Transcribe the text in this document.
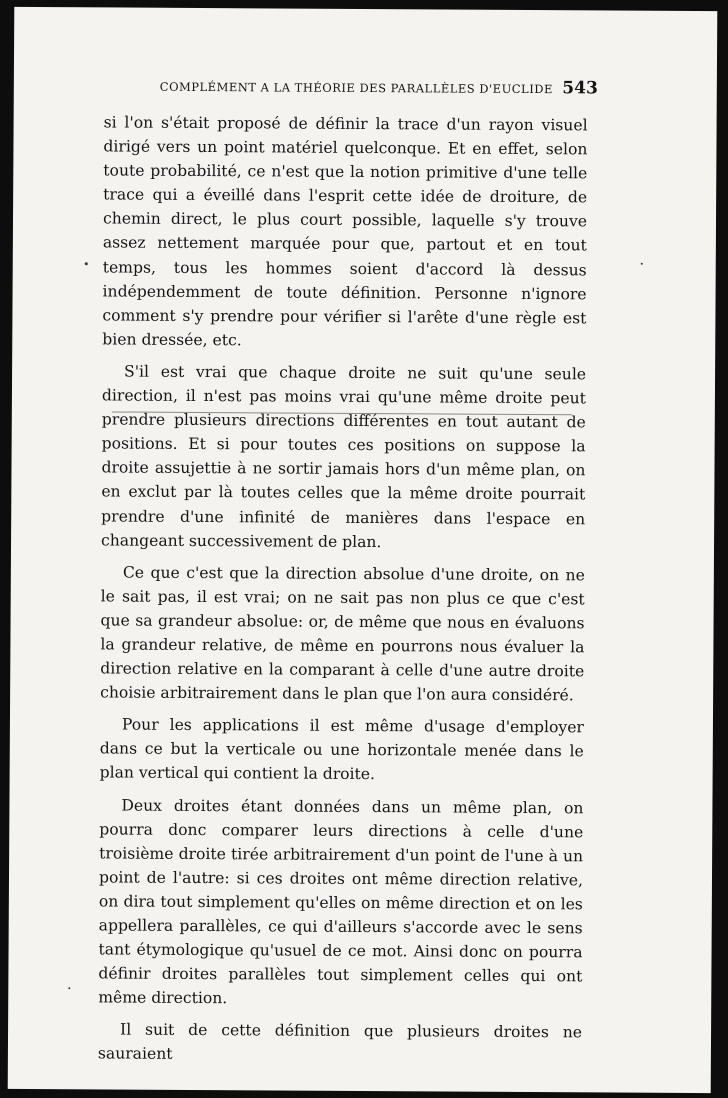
COMPLÉMENT A LA THÉORIE DES PARALLÈLES D'EUCLIDE 543

si l'on s'était proposé de définir la trace d'un rayon visuel dirigé vers un point matériel quelconque. Et en effet, selon toute probabilité, ce n'est que la notion primitive d'une telle trace qui a éveillé dans l'esprit cette idée de droiture, de chemin direct, le plus court possible, laquelle s'y trouve assez nettement marquée pour que, partout et en tout temps, tous les hommes soient d'accord là dessus indépendemment de toute définition. Personne n'ignore comment s'y prendre pour vérifier si l'arête d'une règle est bien dressée, etc.

S'il est vrai que chaque droite ne suit qu'une seule direction, il n'est pas moins vrai qu'une même droite peut prendre plusieurs directions différentes en tout autant de positions. Et si pour toutes ces positions on suppose la droite assujettie à ne sortir jamais hors d'un même plan, on en exclut par là toutes celles que la même droite pourrait prendre d'une infinité de manières dans l'espace en changeant successivement de plan.

Ce que c'est que la direction absolue d'une droite, on ne le sait pas, il est vrai; on ne sait pas non plus ce que c'est que sa grandeur absolue: or, de même que nous en évaluons la grandeur relative, de même en pourrons nous évaluer la direction relative en la comparant à celle d'une autre droite choisie arbitrairement dans le plan que l'on aura considéré.

Pour les applications il est même d'usage d'employer dans ce but la verticale ou une horizontale menée dans le plan vertical qui contient la droite.

Deux droites étant données dans un même plan, on pourra donc comparer leurs directions à celle d'une troisième droite tirée arbitrairement d'un point de l'une à un point de l'autre: si ces droites ont même direction relative, on dira tout simplement qu'elles on même direction et on les appellera parallèles, ce qui d'ailleurs s'accorde avec le sens tant étymologique qu'usuel de ce mot. Ainsi donc on pourra définir droites parallèles tout simplement celles qui ont même direction.

Il suit de cette définition que plusieurs droites ne sauraient
